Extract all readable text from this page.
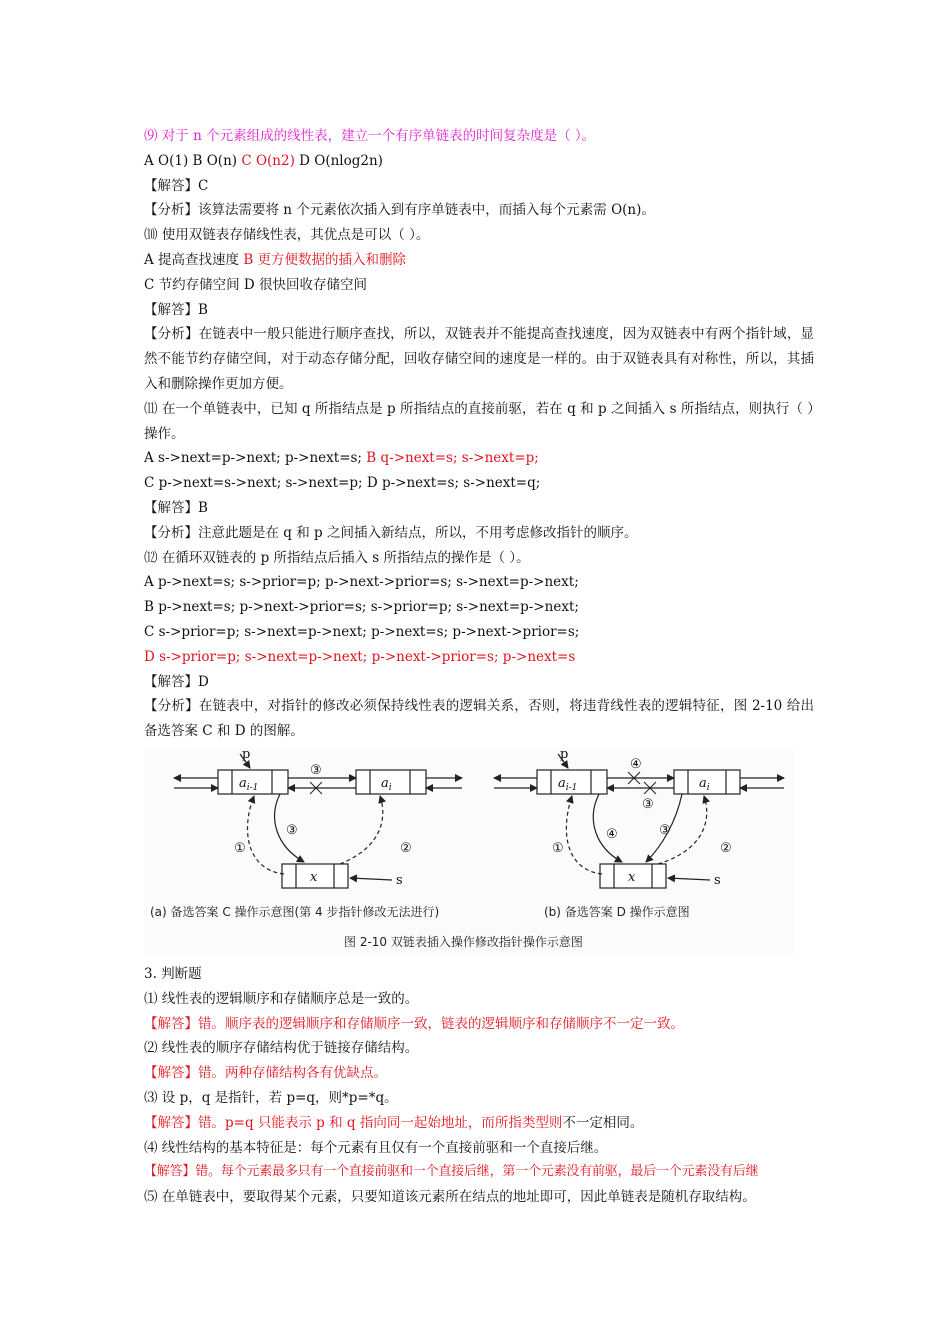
⑼ 对于 n 个元素组成的线性表，建立一个有序单链表的时间复杂度是（ ）。
A O(1) B O(n) C O(n2) D O(nlog2n)
【解答】C
【分析】该算法需要将 n 个元素依次插入到有序单链表中，而插入每个元素需 O(n)。
⑽ 使用双链表存储线性表，其优点是可以（ ）。
A 提高查找速度 B 更方便数据的插入和删除
C 节约存储空间 D 很快回收存储空间
【解答】B
【分析】在链表中一般只能进行顺序查找，所以，双链表并不能提高查找速度，因为双链表中有两个指针域，显然不能节约存储空间，对于动态存储分配，回收存储空间的速度是一样的。由于双链表具有对称性，所以，其插入和删除操作更加方便。
⑾ 在一个单链表中，已知 q 所指结点是 p 所指结点的直接前驱，若在 q 和 p 之间插入 s 所指结点，则执行（ ）操作。
A s->next=p->next; p->next=s; B q->next=s; s->next=p;
C p->next=s->next; s->next=p; D p->next=s; s->next=q;
【解答】B
【分析】注意此题是在 q 和 p 之间插入新结点，所以，不用考虑修改指针的顺序。
⑿ 在循环双链表的 p 所指结点后插入 s 所指结点的操作是（ ）。
A p->next=s; s->prior=p; p->next->prior=s; s->next=p->next;
B p->next=s; p->next->prior=s; s->prior=p; s->next=p->next;
C s->prior=p; s->next=p->next; p->next=s; p->next->prior=s;
D s->prior=p; s->next=p->next; p->next->prior=s; p->next=s
【解答】D
【分析】在链表中，对指针的修改必须保持线性表的逻辑关系，否则，将违背线性表的逻辑特征，图 2-10 给出备选答案 C 和 D 的图解。
p
$a_{i-1}$	$a_i$
x
③
③
①	②
s
p
$a_{i-1}$	$a_i$
x
④
③
④	③
①	②
s
(a) 备选答案 C 操作示意图(第 4 步指针修改无法进行)	(b) 备选答案 D 操作示意图
图 2-10 双链表插入操作修改指针操作示意图
3. 判断题
⑴ 线性表的逻辑顺序和存储顺序总是一致的。
【解答】错。顺序表的逻辑顺序和存储顺序一致，链表的逻辑顺序和存储顺序不一定一致。
⑵ 线性表的顺序存储结构优于链接存储结构。
【解答】错。两种存储结构各有优缺点。
⑶ 设 p，q 是指针，若 p=q，则*p=*q。
【解答】错。p=q 只能表示 p 和 q 指向同一起始地址，而所指类型则不一定相同。
⑷ 线性结构的基本特征是：每个元素有且仅有一个直接前驱和一个直接后继。
【解答】错。每个元素最多只有一个直接前驱和一个直接后继，第一个元素没有前驱，最后一个元素没有后继
⑸ 在单链表中，要取得某个元素，只要知道该元素所在结点的地址即可，因此单链表是随机存取结构。
